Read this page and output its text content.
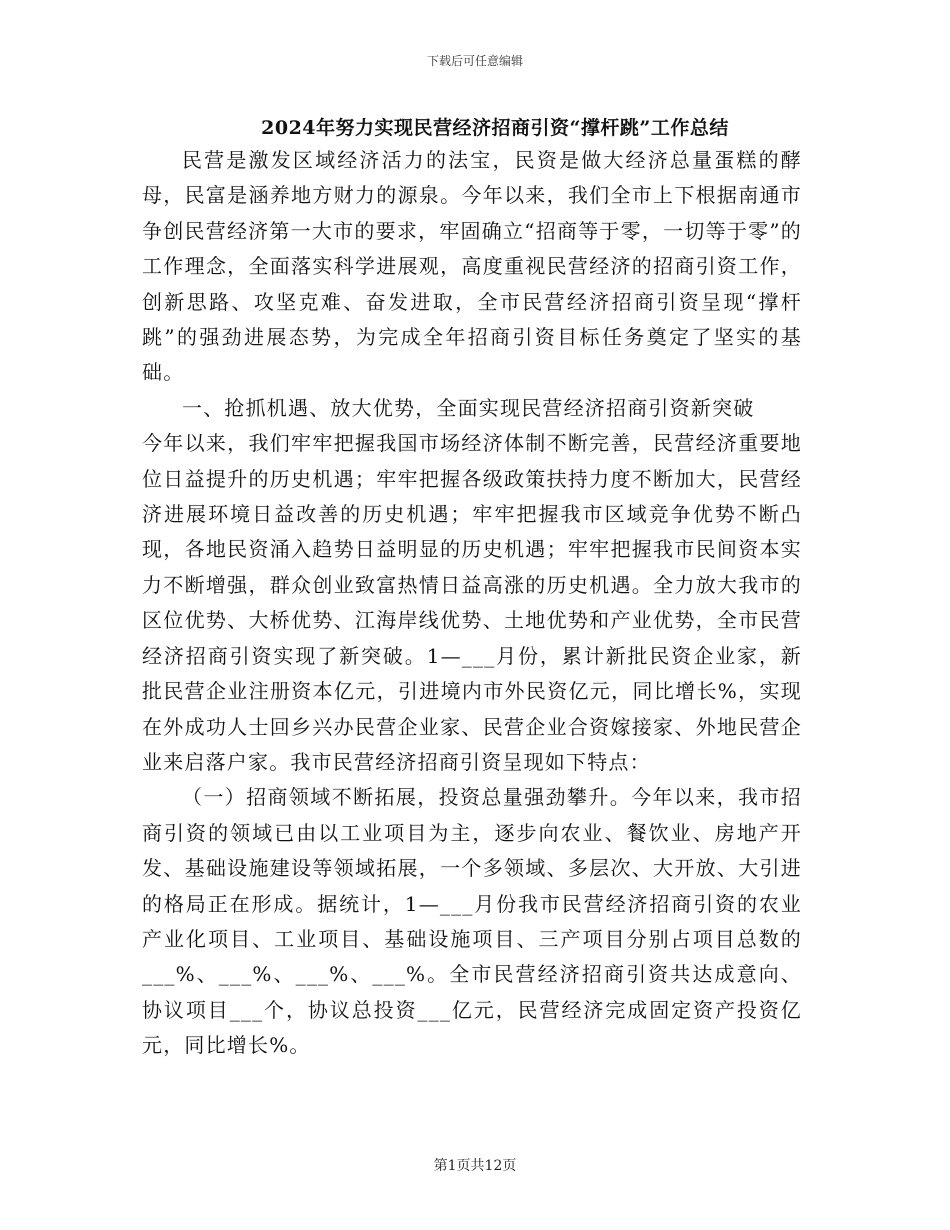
下载后可任意编辑
2024年努力实现民营经济招商引资“撑杆跳”工作总结

民营是激发区域经济活力的法宝，民资是做大经济总量蛋糕的酵母，民富是涵养地方财力的源泉。今年以来，我们全市上下根据南通市争创民营经济第一大市的要求，牢固确立“招商等于零，一切等于零”的工作理念，全面落实科学进展观，高度重视民营经济的招商引资工作，创新思路、攻坚克难、奋发进取，全市民营经济招商引资呈现“撑杆跳”的强劲进展态势，为完成全年招商引资目标任务奠定了坚实的基础。

一、抢抓机遇、放大优势，全面实现民营经济招商引资新突破

今年以来，我们牢牢把握我国市场经济体制不断完善，民营经济重要地位日益提升的历史机遇；牢牢把握各级政策扶持力度不断加大，民营经济进展环境日益改善的历史机遇；牢牢把握我市区域竞争优势不断凸现，各地民资涌入趋势日益明显的历史机遇；牢牢把握我市民间资本实力不断增强，群众创业致富热情日益高涨的历史机遇。全力放大我市的区位优势、大桥优势、江海岸线优势、土地优势和产业优势，全市民营经济招商引资实现了新突破。1—___月份，累计新批民资企业家，新批民营企业注册资本亿元，引进境内市外民资亿元，同比增长%，实现在外成功人士回乡兴办民营企业家、民营企业合资嫁接家、外地民营企业来启落户家。我市民营经济招商引资呈现如下特点：

（一）招商领域不断拓展，投资总量强劲攀升。今年以来，我市招商引资的领域已由以工业项目为主，逐步向农业、餐饮业、房地产开发、基础设施建设等领域拓展，一个多领域、多层次、大开放、大引进的格局正在形成。据统计，1—___月份我市民营经济招商引资的农业产业化项目、工业项目、基础设施项目、三产项目分别占项目总数的___%、___%、___%、___%。全市民营经济招商引资共达成意向、协议项目___个，协议总投资___亿元，民营经济完成固定资产投资亿元，同比增长%。

第1页共12页
